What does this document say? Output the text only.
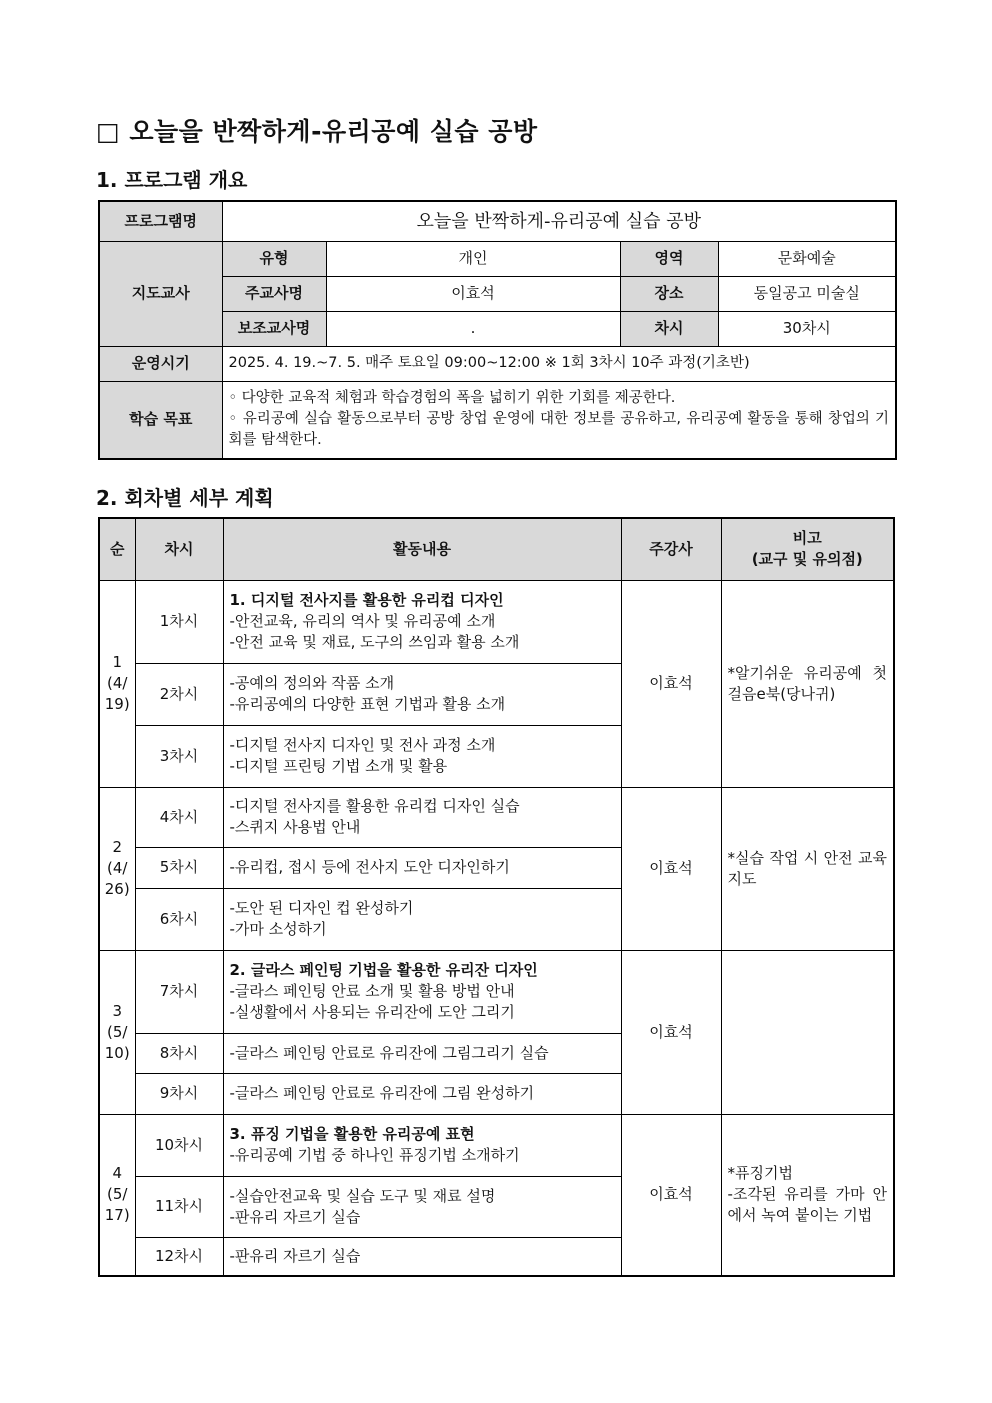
□ 오늘을 반짝하게-유리공예 실습 공방
1. 프로그램 개요
프로그램명	오늘을 반짝하게-유리공예 실습 공방			
지도교사	유형	개인	영역	문화예술
	주교사명	이효석	장소	동일공고 미술실
	보조교사명	.	차시	30차시
운영시기	2025. 4. 19.~7. 5. 매주 토요일 09:00~12:00 ※ 1회 3차시 10주 과정(기초반)			
학습 목표	◦ 다양한 교육적 체험과 학습경험의 폭을 넓히기 위한 기회를 제공한다.
◦ 유리공예 실습 활동으로부터 공방 창업 운영에 대한 정보를 공유하고, 유리공예 활동을 통해 창업의 기회를 탐색한다.			
2. 회차별 세부 계획
순	차시	활동내용	주강사	비고
(교구 및 유의점)

1
(4/
19)	1차시	1. 디지털 전사지를 활용한 유리컵 디자인
-안전교육, 유리의 역사 및 유리공예 소개
-안전 교육 및 재료, 도구의 쓰임과 활용 소개	이효석	*알기쉬운 유리공예 첫걸음e북(당나귀)
	2차시	-공예의 정의와 작품 소개
-유리공예의 다양한 표현 기법과 활용 소개		

	3차시	-디지털 전사지 디자인 및 전사 과정 소개
-디지털 프린팅 기법 소개 및 활용		

2
(4/
26)	4차시	-디지털 전사지를 활용한 유리컵 디자인 실습
-스퀴지 사용법 안내	이효석	*실습 작업 시 안전 교육 지도
	5차시	-유리컵, 접시 등에 전사지 도안 디자인하기		

	6차시	-도안 된 디자인 컵 완성하기
-가마 소성하기		

3
(5/
10)	7차시	2. 글라스 페인팅 기법을 활용한 유리잔 디자인
-글라스 페인팅 안료 소개 및 활용 방법 안내
-실생활에서 사용되는 유리잔에 도안 그리기	이효석	
	8차시	-글라스 페인팅 안료로 유리잔에 그림그리기 실습		

	9차시	-글라스 페인팅 안료로 유리잔에 그림 완성하기		

4
(5/
17)	10차시	3. 퓨징 기법을 활용한 유리공예 표현
-유리공예 기법 중 하나인 퓨징기법 소개하기	이효석	*퓨징기법
-조각된 유리를 가마 안에서 녹여 붙이는 기법

	11차시	-실습안전교육 및 실습 도구 및 재료 설명
-판유리 자르기 실습		

	12차시	-판유리 자르기 실습		
